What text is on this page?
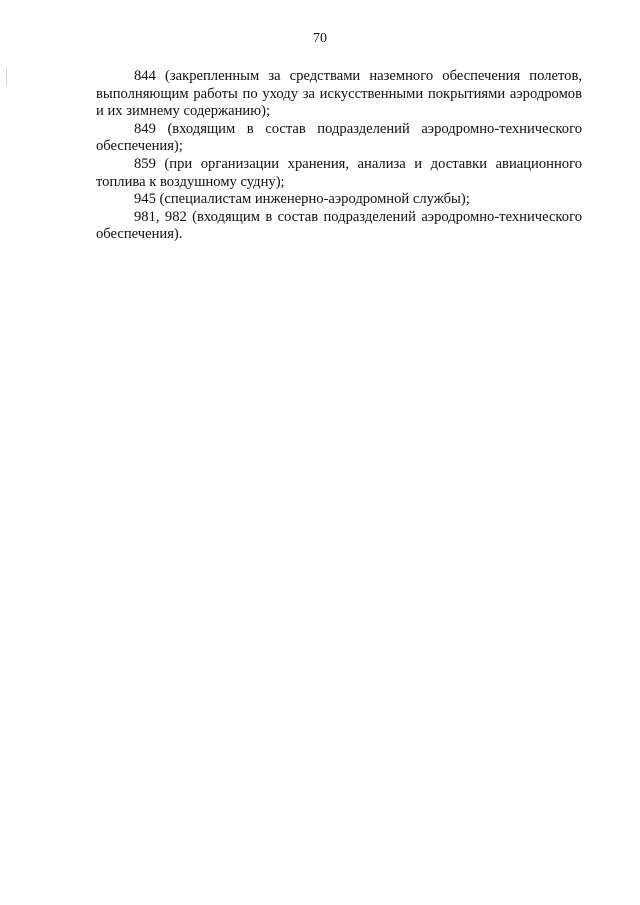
70

844 (закрепленным за средствами наземного обеспечения полетов, выполняющим работы по уходу за искусственными покрытиями аэродромов и их зимнему содержанию);

849 (входящим в состав подразделений аэродромно-технического обеспечения);

859 (при организации хранения, анализа и доставки авиационного топлива к воздушному судну);

945 (специалистам инженерно-аэродромной службы);

981, 982 (входящим в состав подразделений аэродромно-технического обеспечения).
